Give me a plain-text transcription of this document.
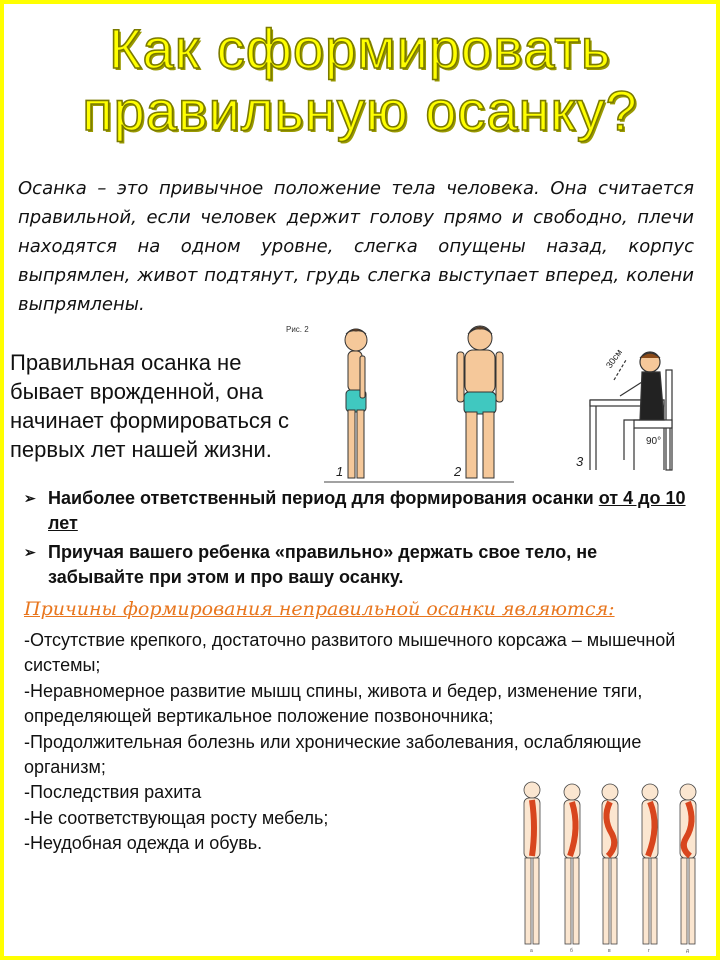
Как сформировать
правильную осанку?
Осанка – это привычное положение тела человека. Она считается правильной, если человек держит голову прямо и свободно, плечи находятся на одном уровне, слегка опущены назад, корпус выпрямлен, живот подтянут, грудь слегка выступает вперед, колени выпрямлены.
Правильная осанка не бывает врожденной, она начинает формироваться с первых лет нашей жизни.
Рис. 2
1	2
30см
90°
3
➢ Наиболее ответственный период для формирования осанки от 4 до 10 лет
➢ Приучая вашего ребенка «правильно» держать свое тело, не забывайте при этом и про вашу осанку.
Причины формирования неправильной осанки являются:

-Отсутствие крепкого, достаточно развитого мышечного корсажа – мышечной системы;

-Неравномерное развитие мышц спины, живота и бедер, изменение тяги, определяющей вертикальное положение позвоночника;

-Продолжительная болезнь или хронические заболевания, ослабляющие организм;

-Последствия рахита

-Не соответствующая росту мебель;

-Неудобная одежда и обувь.

а	б	в	г	д
